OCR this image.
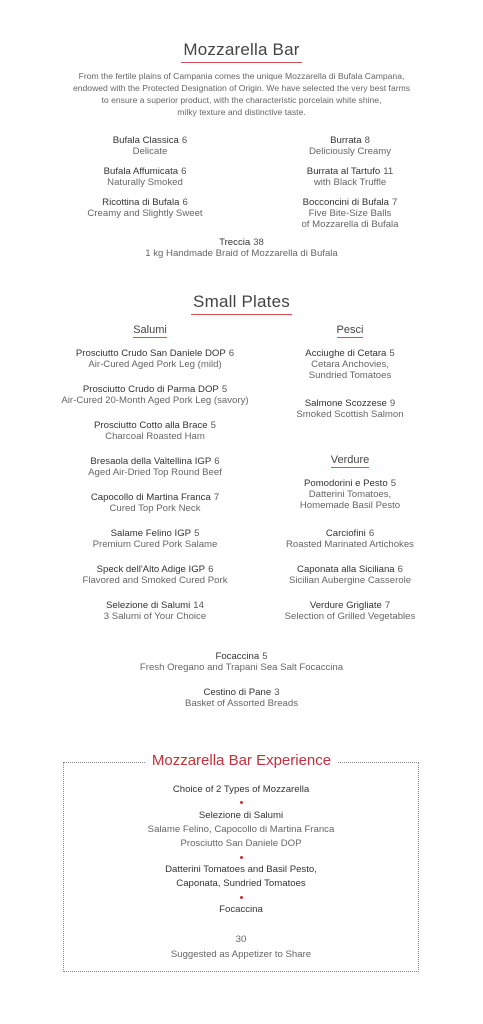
Mozzarella Bar
From the fertile plains of Campania comes the unique Mozzarella di Bufala Campana,
endowed with the Protected Designation of Origin. We have selected the very best farms
to ensure a superior product, with the characteristic porcelain white shine,
milky texture and distinctive taste.
Bufala Classica 6
Delicate
Burrata 8
Deliciously Creamy
Bufala Affumicata 6
Naturally Smoked
Burrata al Tartufo 11
with Black Truffle
Ricottina di Bufala 6
Creamy and Slightly Sweet
Bocconcini di Bufala 7
Five Bite-Size Balls
of Mozzarella di Bufala
Treccia 38
1 kg Handmade Braid of Mozzarella di Bufala
Small Plates
Salumi
Prosciutto Crudo San Daniele DOP 6
Air-Cured Aged Pork Leg (mild)
Prosciutto Crudo di Parma DOP 5
Air-Cured 20-Month Aged Pork Leg (savory)
Prosciutto Cotto alla Brace 5
Charcoal Roasted Ham
Bresaola della Valtellina IGP 6
Aged Air-Dried Top Round Beef
Capocollo di Martina Franca 7
Cured Top Pork Neck
Salame Felino IGP 5
Premium Cured Pork Salame
Speck dell'Alto Adige IGP 6
Flavored and Smoked Cured Pork
Selezione di Salumi 14
3 Salumi of Your Choice
Pesci
Acciughe di Cetara 5
Cetara Anchovies,
Sundried Tomatoes
Salmone Scozzese 9
Smoked Scottish Salmon
Verdure
Pomodorini e Pesto 5
Datterini Tomatoes,
Homemade Basil Pesto
Carciofini 6
Roasted Marinated Artichokes
Caponata alla Siciliana 6
Sicilian Aubergine Casserole
Verdure Grigliate 7
Selection of Grilled Vegetables
Focaccina 5
Fresh Oregano and Trapani Sea Salt Focaccina
Cestino di Pane 3
Basket of Assorted Breads
Mozzarella Bar Experience
Choice of 2 Types of Mozzarella
Selezione di Salumi
Salame Felino, Capocollo di Martina Franca
Prosciutto San Daniele DOP
Datterini Tomatoes and Basil Pesto,
Caponata, Sundried Tomatoes
Focaccina
30
Suggested as Appetizer to Share
